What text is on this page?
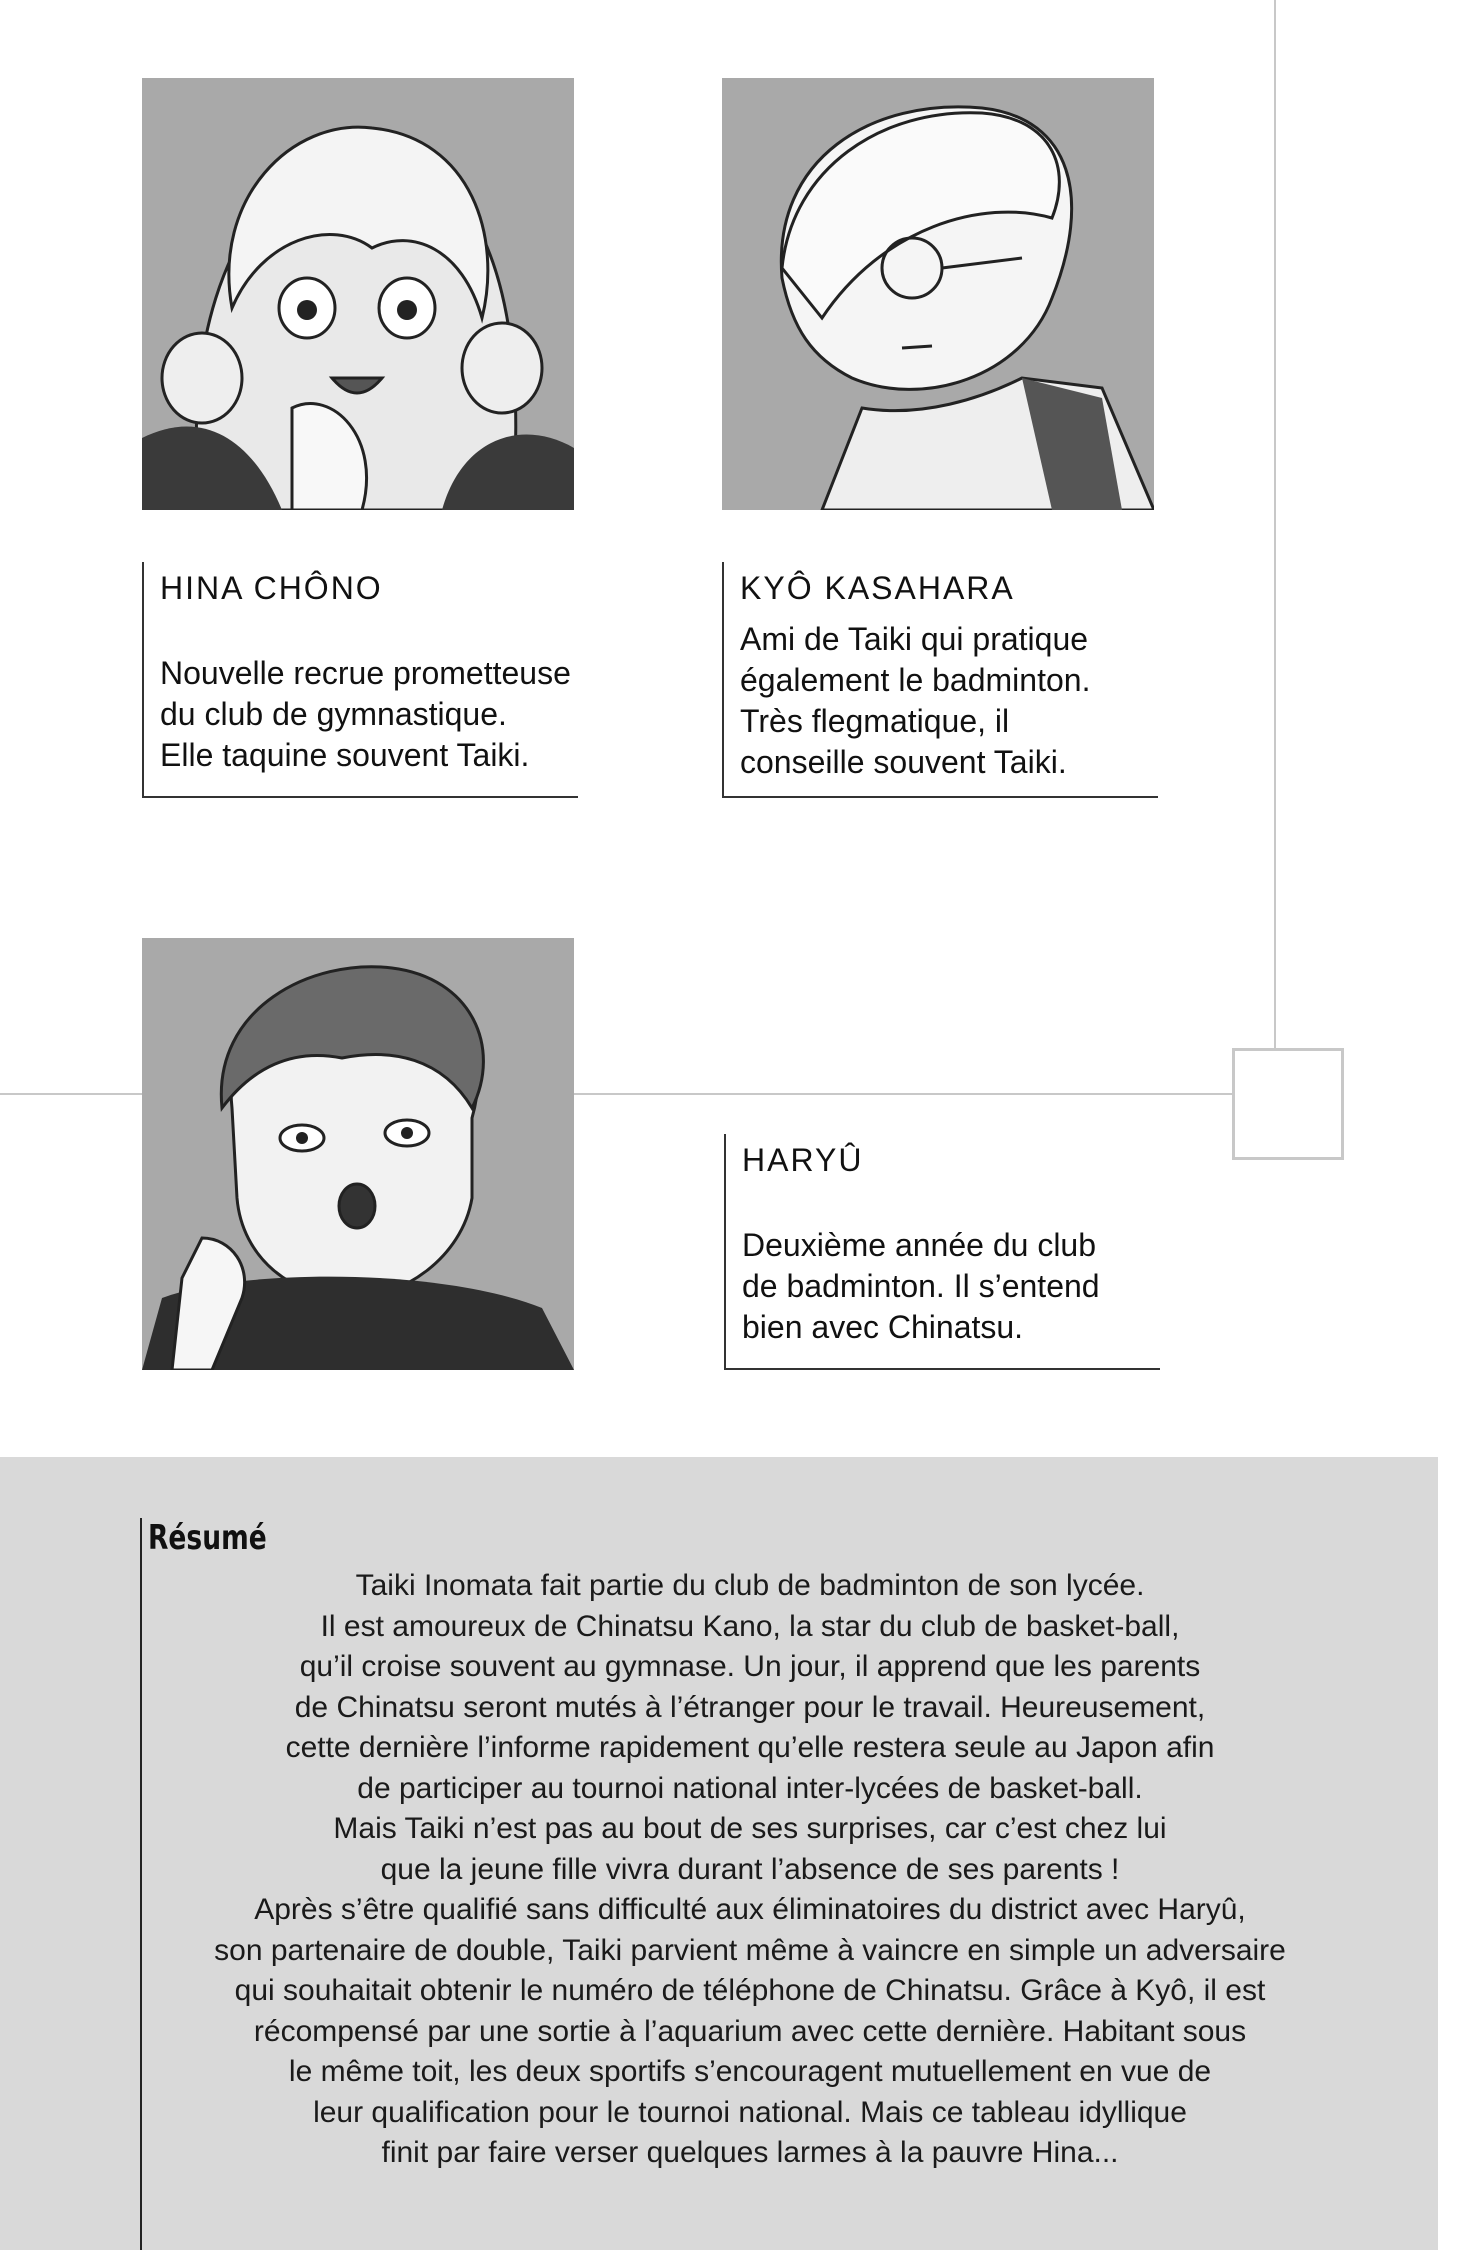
HINA CHÔNO

Nouvelle recrue prometteuse
du club de gymnastique.
Elle taquine souvent Taiki.

KYÔ KASAHARA

Ami de Taiki qui pratique
également le badminton.
Très flegmatique, il
conseille souvent Taiki.

HARYÛ

Deuxième année du club
de badminton. Il s’entend
bien avec Chinatsu.

Résumé

Taiki Inomata fait partie du club de badminton de son lycée.

Il est amoureux de Chinatsu Kano, la star du club de basket-ball,

qu’il croise souvent au gymnase. Un jour, il apprend que les parents

de Chinatsu seront mutés à l’étranger pour le travail. Heureusement,

cette dernière l’informe rapidement qu’elle restera seule au Japon afin

de participer au tournoi national inter-lycées de basket-ball.

Mais Taiki n’est pas au bout de ses surprises, car c’est chez lui

que la jeune fille vivra durant l’absence de ses parents !

Après s’être qualifié sans difficulté aux éliminatoires du district avec Haryû,

son partenaire de double, Taiki parvient même à vaincre en simple un adversaire

qui souhaitait obtenir le numéro de téléphone de Chinatsu. Grâce à Kyô, il est

récompensé par une sortie à l’aquarium avec cette dernière. Habitant sous

le même toit, les deux sportifs s’encouragent mutuellement en vue de

leur qualification pour le tournoi national. Mais ce tableau idyllique

finit par faire verser quelques larmes à la pauvre Hina...
